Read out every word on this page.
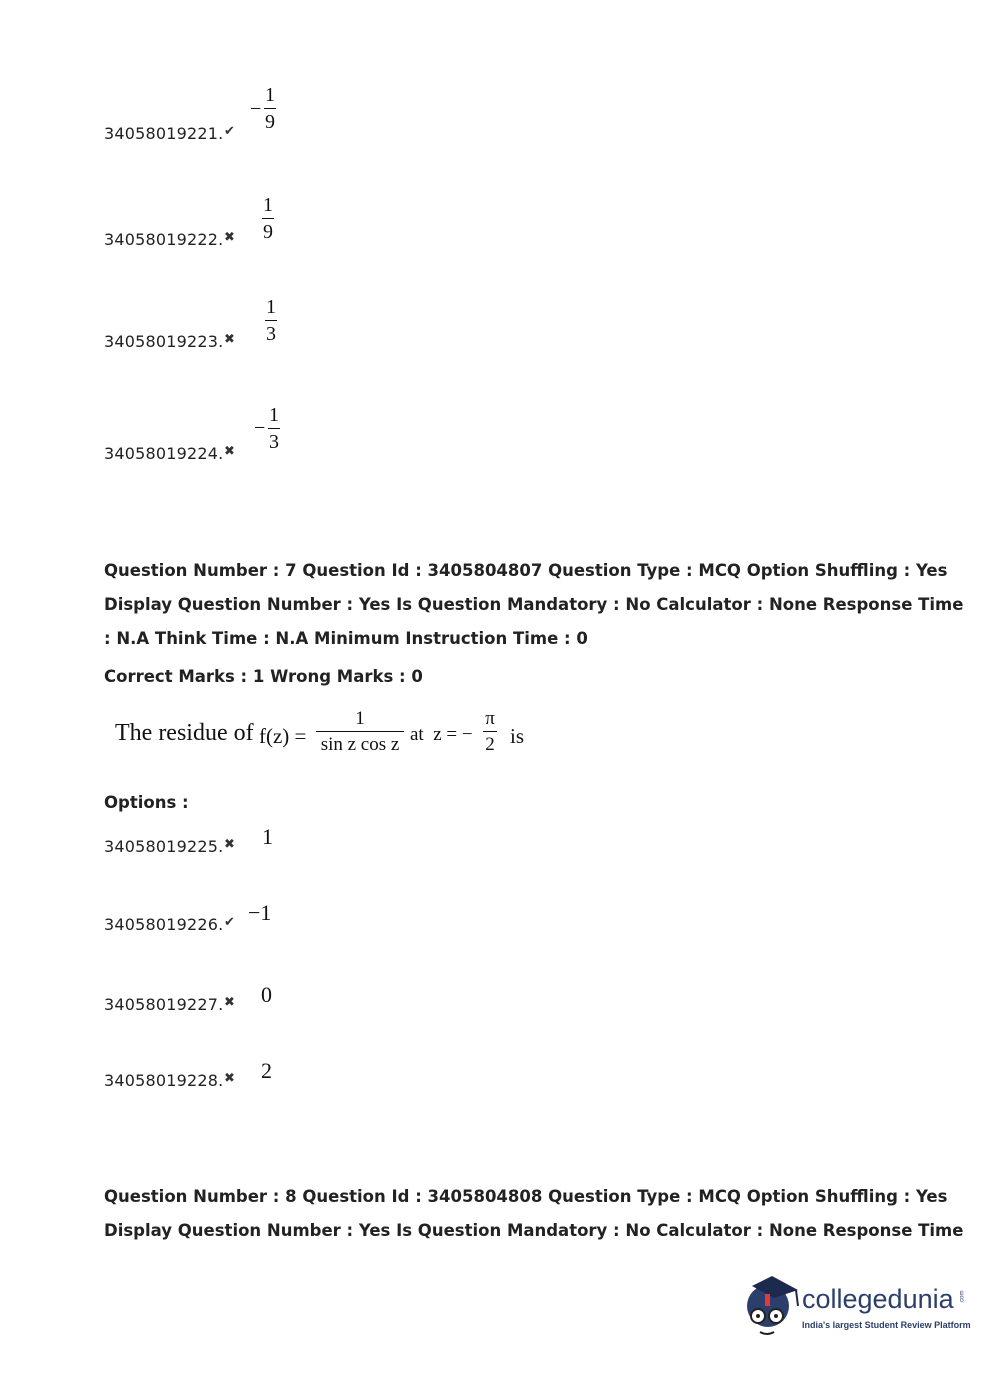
34058019221. ✔
−
1
9
34058019222. ✖
1
9
34058019223. ✖
1
3
34058019224. ✖
−
1
3
Question Number : 7 Question Id : 3405804807 Question Type : MCQ Option Shuffling : Yes
Display Question Number : Yes Is Question Mandatory : No Calculator : None Response Time
: N.A Think Time : N.A Minimum Instruction Time : 0
Correct Marks : 1 Wrong Marks : 0
The residue of f(z) =
1
sin z cos z at  z = −
π
2 is
Options :
34058019225. ✖ 1
34058019226. ✔ −1
34058019227. ✖ 0
34058019228. ✖ 2
Question Number : 8 Question Id : 3405804808 Question Type : MCQ Option Shuffling : Yes
Display Question Number : Yes Is Question Mandatory : No Calculator : None Response Time
collegedunia .com
India's largest Student Review Platform
